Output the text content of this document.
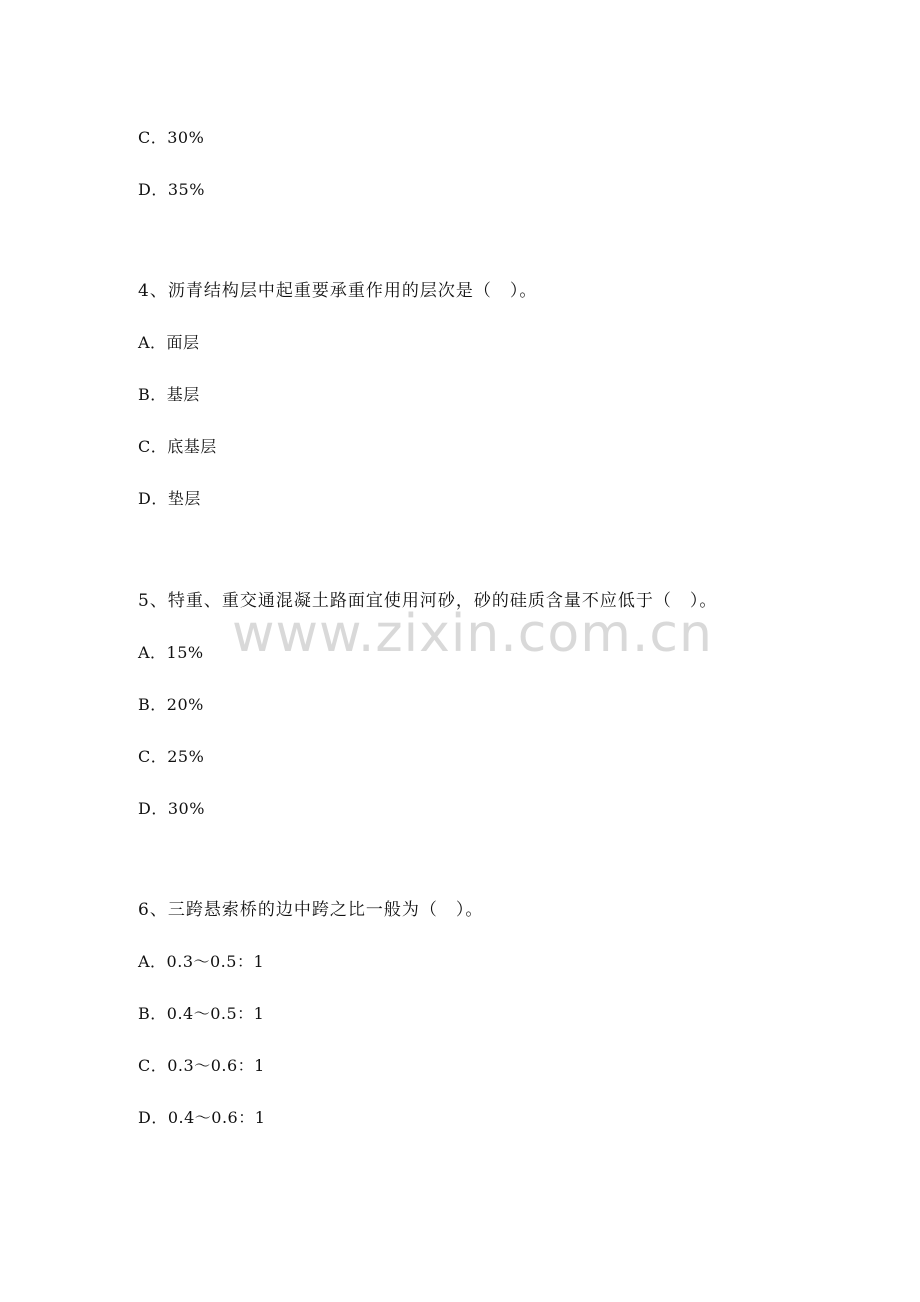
C．30%
D．35%
4、沥青结构层中起重要承重作用的层次是（　）。
A．面层
B．基层
C．底基层
D．垫层
5、特重、重交通混凝土路面宜使用河砂，砂的硅质含量不应低于（　）。
A．15%
B．20%
C．25%
D．30%
6、三跨悬索桥的边中跨之比一般为（　）。
A．0.3～0.5：1
B．0.4～0.5：1
C．0.3～0.6：1
D．0.4～0.6：1
www.zixin.com.cn
